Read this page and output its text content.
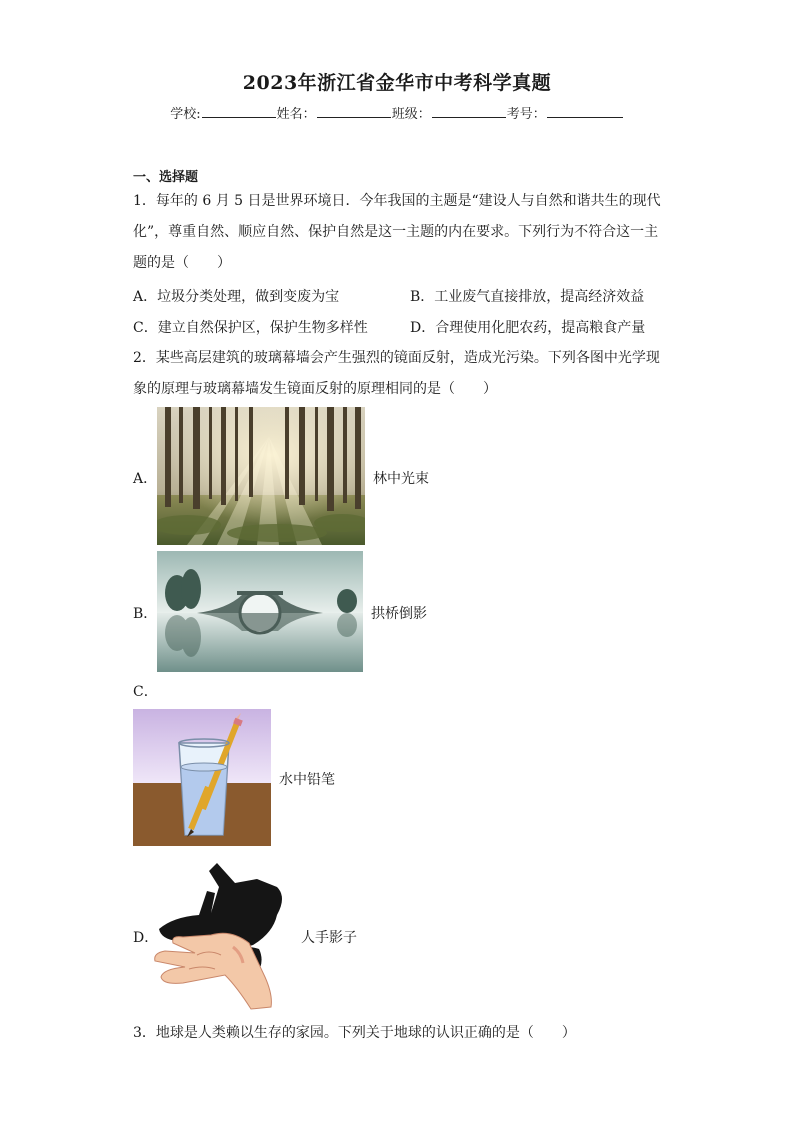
2023年浙江省金华市中考科学真题
学校:	姓名：	班级：	考号：
一、选择题
1．每年的 6 月 5 日是世界环境日．今年我国的主题是“建设人与自然和谐共生的现代
化”，尊重自然、顺应自然、保护自然是这一主题的内在要求。下列行为不符合这一主
题的是（　　）
A．垃圾分类处理，做到变废为宝	B．工业废气直接排放，提高经济效益
C．建立自然保护区，保护生物多样性	D．合理使用化肥农药，提高粮食产量
2．某些高层建筑的玻璃幕墙会产生强烈的镜面反射，造成光污染。下列各图中光学现
象的原理与玻璃幕墙发生镜面反射的原理相同的是（　　）
A．	林中光束
B．	拱桥倒影
C．
水中铅笔
D．	人手影子
3．地球是人类赖以生存的家园。下列关于地球的认识正确的是（　　）
